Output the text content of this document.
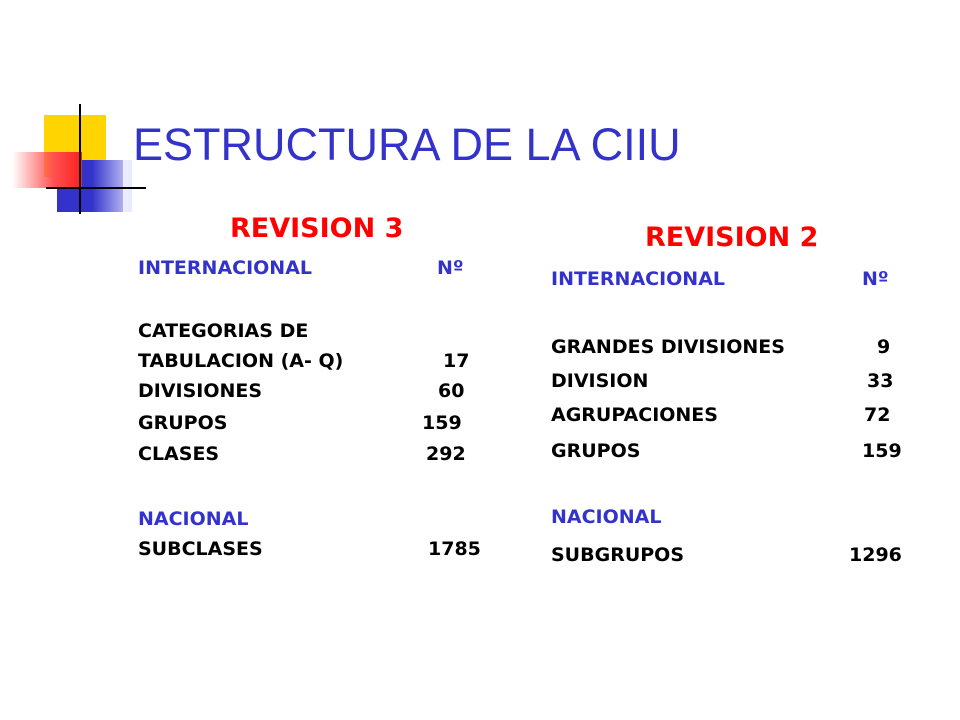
ESTRUCTURA DE LA CIIU
REVISION 3
INTERNACIONAL	Nº
CATEGORIAS DE
TABULACION (A- Q)	17
DIVISIONES	60
GRUPOS	159
CLASES	292
NACIONAL
SUBCLASES	1785
REVISION 2
INTERNACIONAL	Nº
GRANDES DIVISIONES	9
DIVISION	33
AGRUPACIONES	72
GRUPOS	159
NACIONAL
SUBGRUPOS	1296
